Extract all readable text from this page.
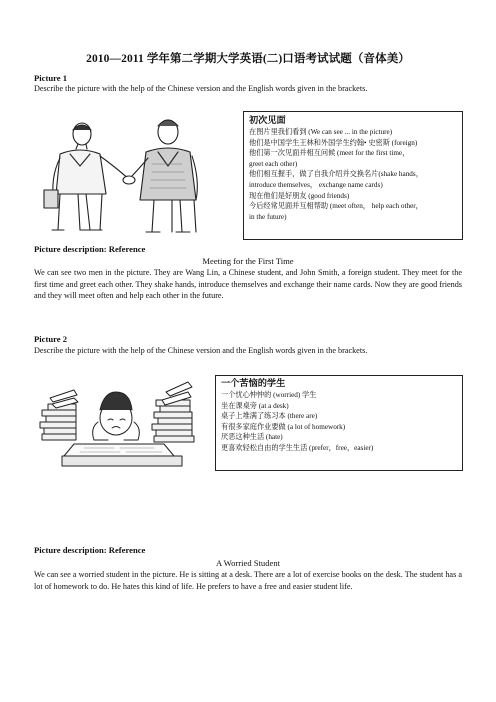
2010—2011 学年第二学期大学英语(二)口语考试试题（音体美）
Picture 1
Describe the picture with the help of the Chinese version and the English words given in the brackets.
初次见面
在图片里我们看到 (We can see ... in the picture)
他们是中国学生王林和外国学生约翰• 史密斯 (foreign)
他们第一次见面并相互问候 (meet for the first time，
greet each other)
他们相互握手，做了自我介绍并交换名片(shake hands，
introduce themselves， exchange name cards)
现在他们是好朋友 (good friends)
今后经常见面并互相帮助 (meet often， help each other，
in the future)
Picture description: Reference
Meeting for the First Time
We can see two men in the picture. They are Wang Lin, a Chinese student, and John Smith, a foreign student. They meet for the first time and greet each other. They shake hands, introduce themselves and exchange their name cards. Now they are good friends and they will meet often and help each other in the future.
Picture 2
Describe the picture with the help of the Chinese version and the English words given in the brackets.
一个苦恼的学生
一个忧心忡忡的 (worried) 学生
坐在课桌旁 (at a desk)
桌子上堆满了练习本 (there are)
有很多家庭作业要做 (a lot of homework)
厌恶这种生活 (hate)
更喜欢轻松自由的学生生活 (prefer，free，easier)
Picture description: Reference
A Worried Student
We can see a worried student in the picture. He is sitting at a desk. There are a lot of exercise books on the desk. The student has a lot of homework to do. He hates this kind of life. He prefers to have a free and easier student life.
